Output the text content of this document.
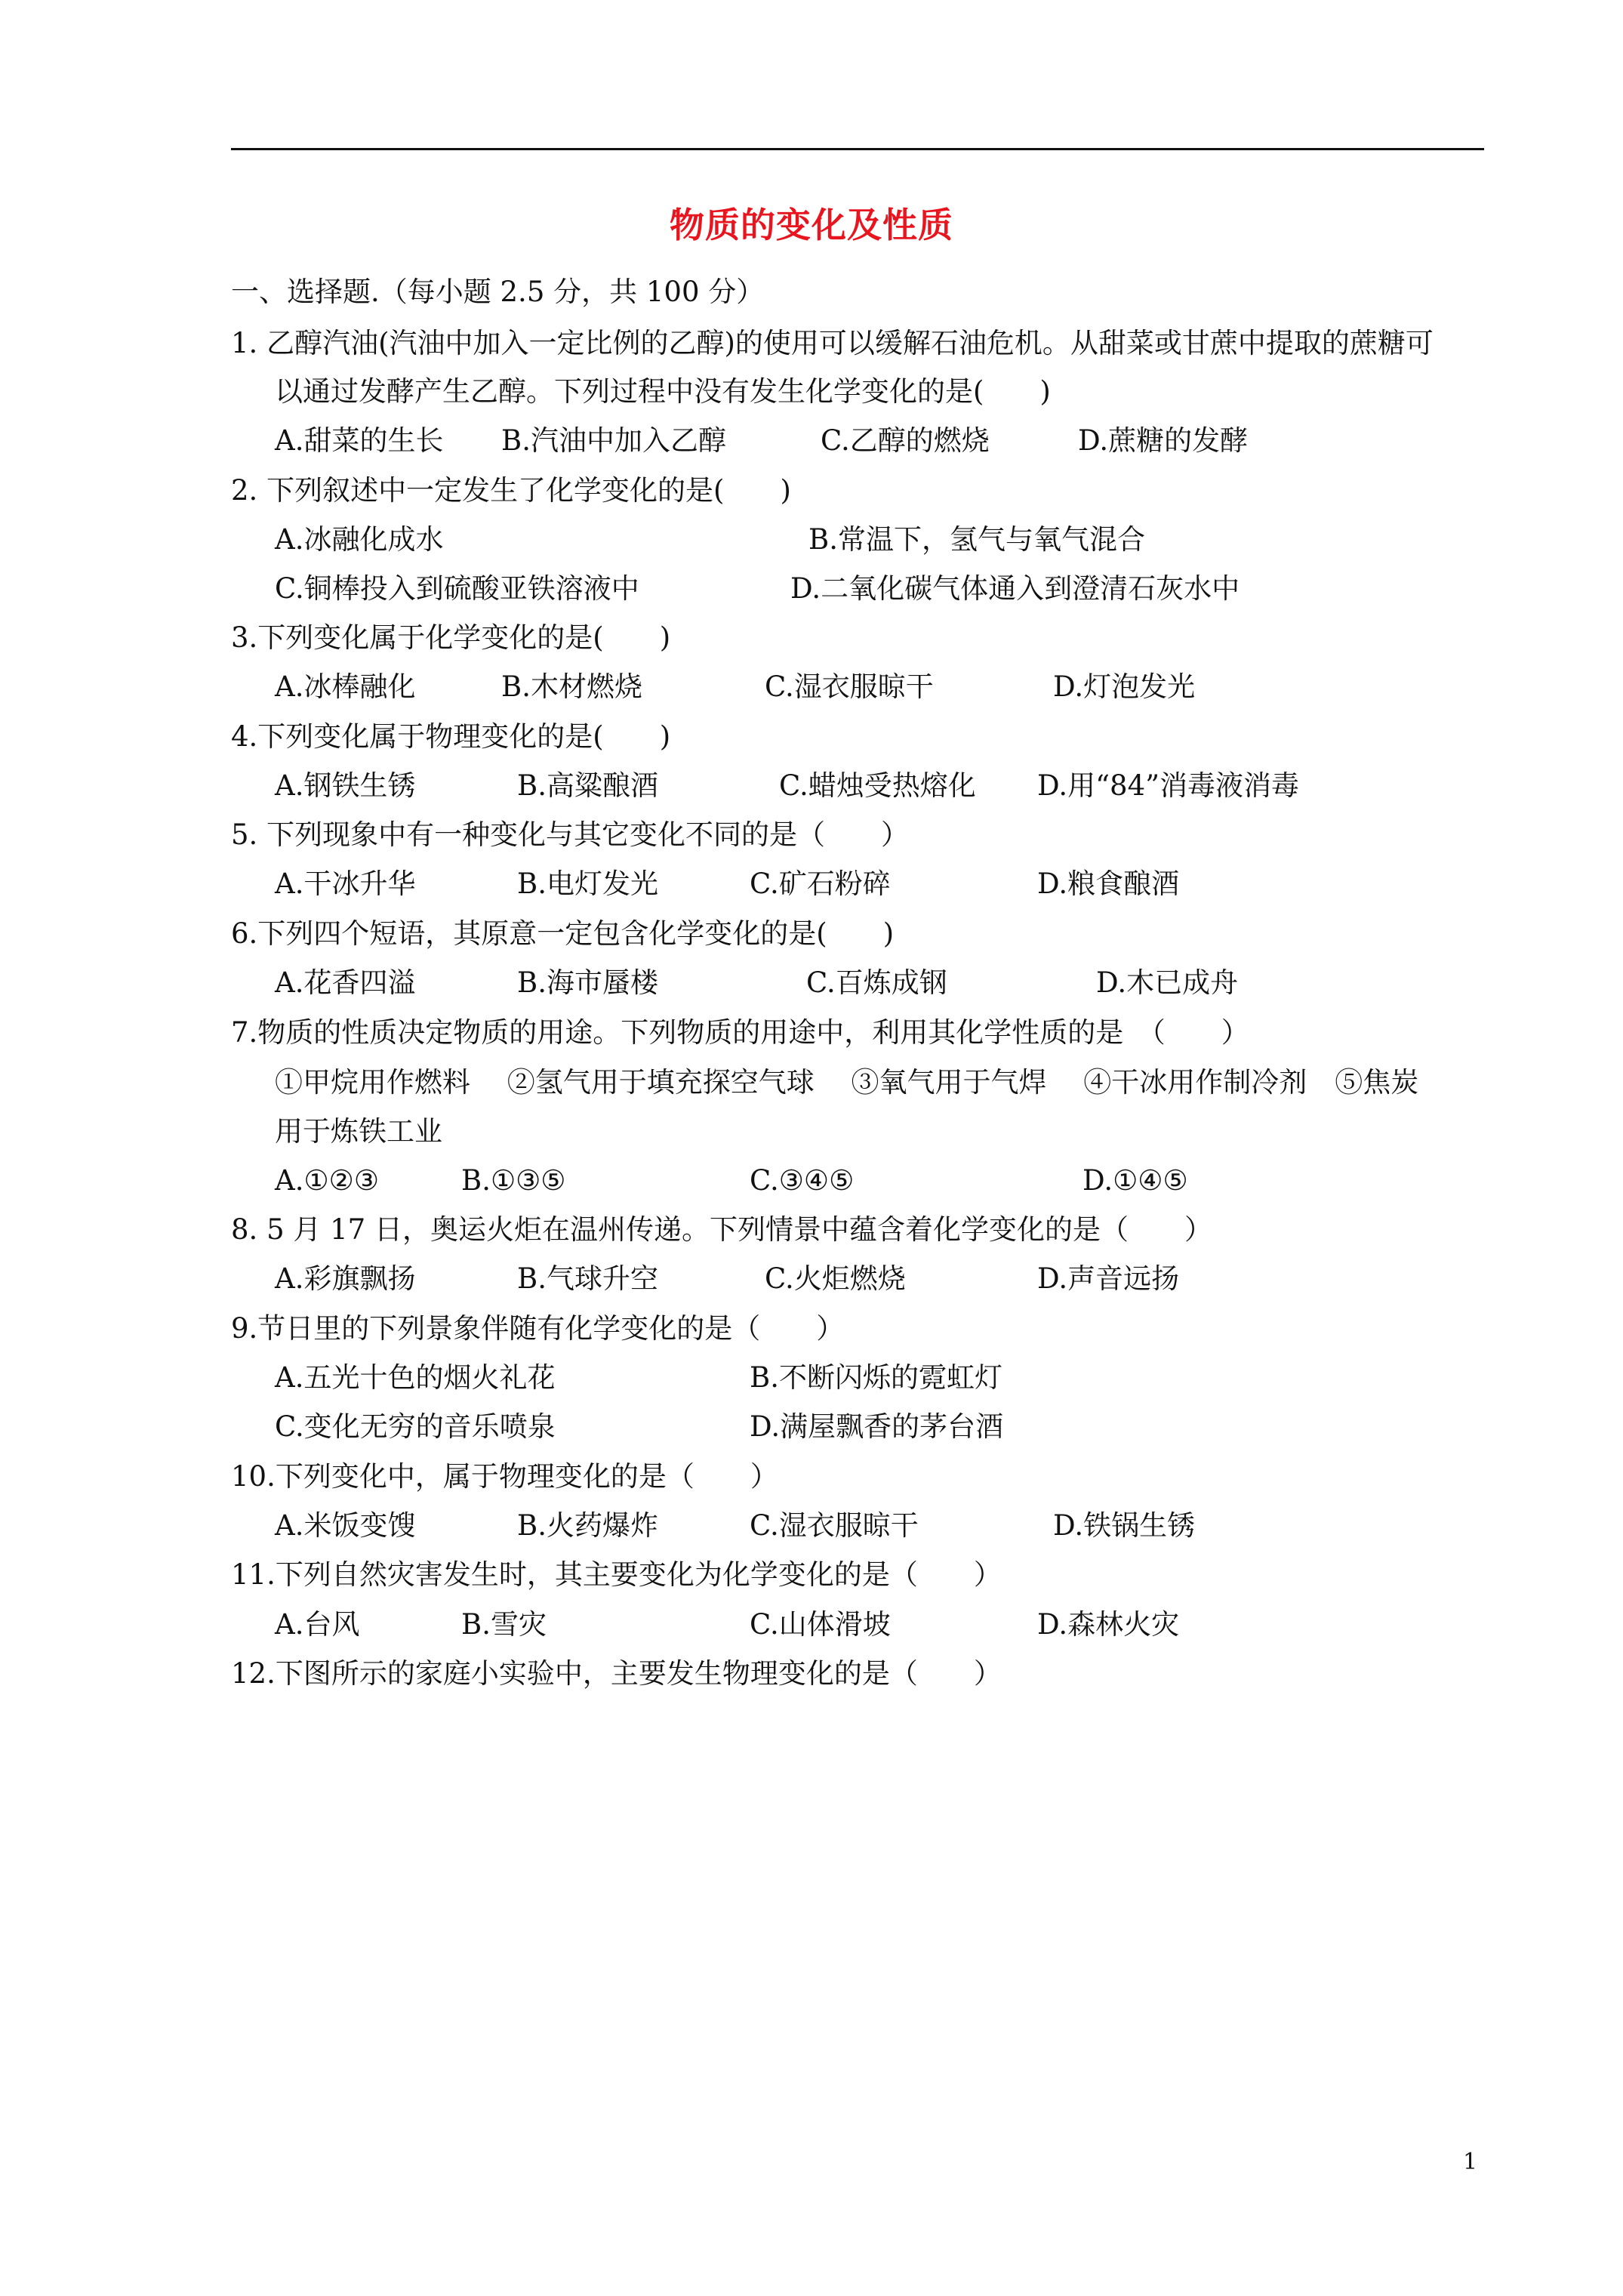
物质的变化及性质
一、选择题.（每小题 2.5 分，共 100 分）
1. 乙醇汽油(汽油中加入一定比例的乙醇)的使用可以缓解石油危机。从甜菜或甘蔗中提取的蔗糖可
以通过发酵产生乙醇。下列过程中没有发生化学变化的是(　　)
A.甜菜的生长 B.汽油中加入乙醇	C.乙醇的燃烧	D.蔗糖的发酵
2. 下列叙述中一定发生了化学变化的是(　　)
A.冰融化成水	B.常温下，氢气与氧气混合
C.铜棒投入到硫酸亚铁溶液中	D.二氧化碳气体通入到澄清石灰水中
3.下列变化属于化学变化的是(　　)
A.冰棒融化	B.木材燃烧	C.湿衣服晾干	D.灯泡发光
4.下列变化属于物理变化的是(　　)
A.钢铁生锈	B.高粱酿酒	C.蜡烛受热熔化 D.用“84”消毒液消毒
5. 下列现象中有一种变化与其它变化不同的是（　　）
A.干冰升华	B.电灯发光	C.矿石粉碎	D.粮食酿酒
6.下列四个短语，其原意一定包含化学变化的是(　　)
A.花香四溢	B.海市蜃楼	C.百炼成钢	D.木已成舟
7.物质的性质决定物质的用途。下列物质的用途中，利用其化学性质的是　（　　）
①甲烷用作燃料　 ②氢气用于填充探空气球　 ③氧气用于气焊　 ④干冰用作制冷剂　⑤焦炭
用于炼铁工业
A.①②③	B.①③⑤	C.③④⑤	D.①④⑤
8. 5 月 17 日，奥运火炬在温州传递。下列情景中蕴含着化学变化的是（　　）
A.彩旗飘扬	B.气球升空	C.火炬燃烧	D.声音远扬
9.节日里的下列景象伴随有化学变化的是（　　）
A.五光十色的烟火礼花	B.不断闪烁的霓虹灯
C.变化无穷的音乐喷泉	D.满屋飘香的茅台酒
10.下列变化中，属于物理变化的是（　　）
A.米饭变馊	B.火药爆炸	C.湿衣服晾干	D.铁锅生锈
11.下列自然灾害发生时，其主要变化为化学变化的是（　　）
A.台风	B.雪灾	C.山体滑坡	D.森林火灾
12.下图所示的家庭小实验中，主要发生物理变化的是（　　）
1
